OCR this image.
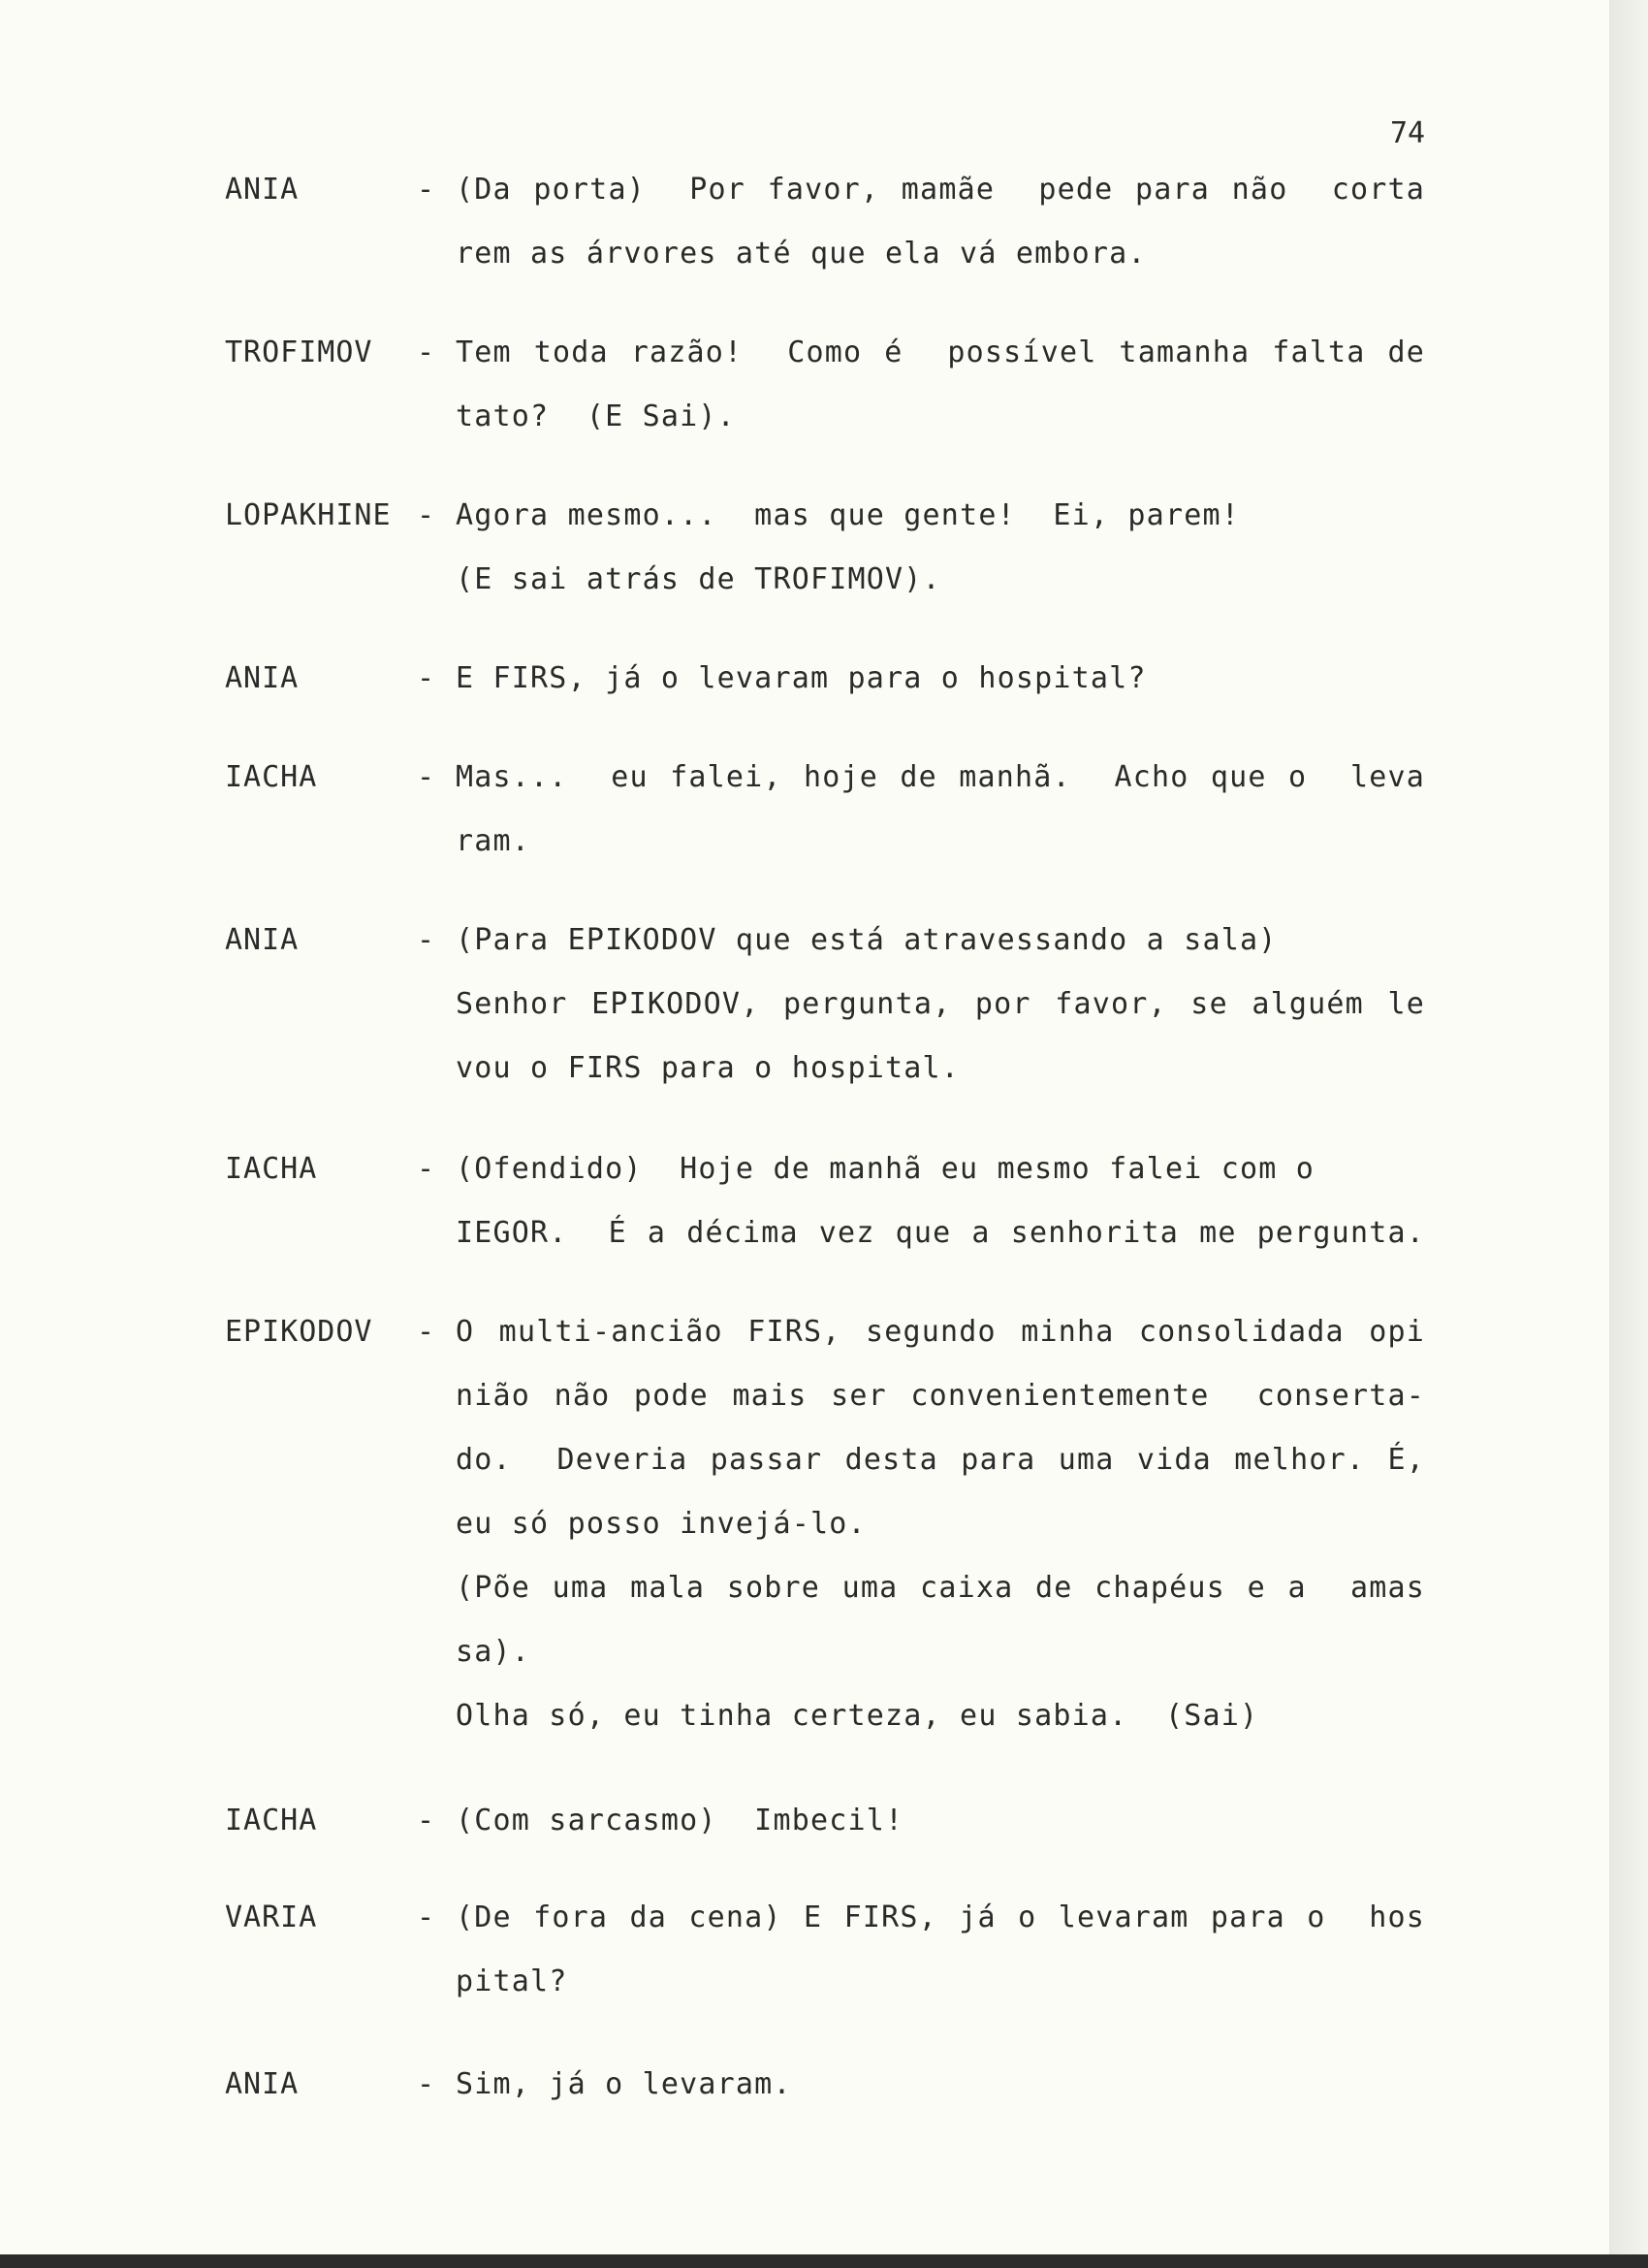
74
ANIA	- (Da porta)  Por favor, mamãe  pede para não  corta
rem as árvores até que ela vá embora.
TROFIMOV - Tem toda razão!  Como é  possível tamanha falta de
tato?  (E Sai).
LOPAKHINE - Agora mesmo...  mas que gente!  Ei, parem!
(E sai atrás de TROFIMOV).
ANIA	- E FIRS, já o levaram para o hospital?
IACHA	- Mas...  eu falei, hoje de manhã.  Acho que o  leva
ram.
ANIA	- (Para EPIKODOV que está atravessando a sala)
Senhor EPIKODOV, pergunta, por favor, se alguém le
vou o FIRS para o hospital.
IACHA	- (Ofendido)  Hoje de manhã eu mesmo falei com o
IEGOR.  É a décima vez que a senhorita me pergunta.
EPIKODOV - O multi-ancião FIRS, segundo minha consolidada opi
nião não pode mais ser convenientemente  conserta-
do.  Deveria passar desta para uma vida melhor. É,
eu só posso invejá-lo.
(Põe uma mala sobre uma caixa de chapéus e a  amas
sa).
Olha só, eu tinha certeza, eu sabia.  (Sai)
IACHA	- (Com sarcasmo)  Imbecil!
VARIA	- (De fora da cena) E FIRS, já o levaram para o  hos
pital?
ANIA	- Sim, já o levaram.
